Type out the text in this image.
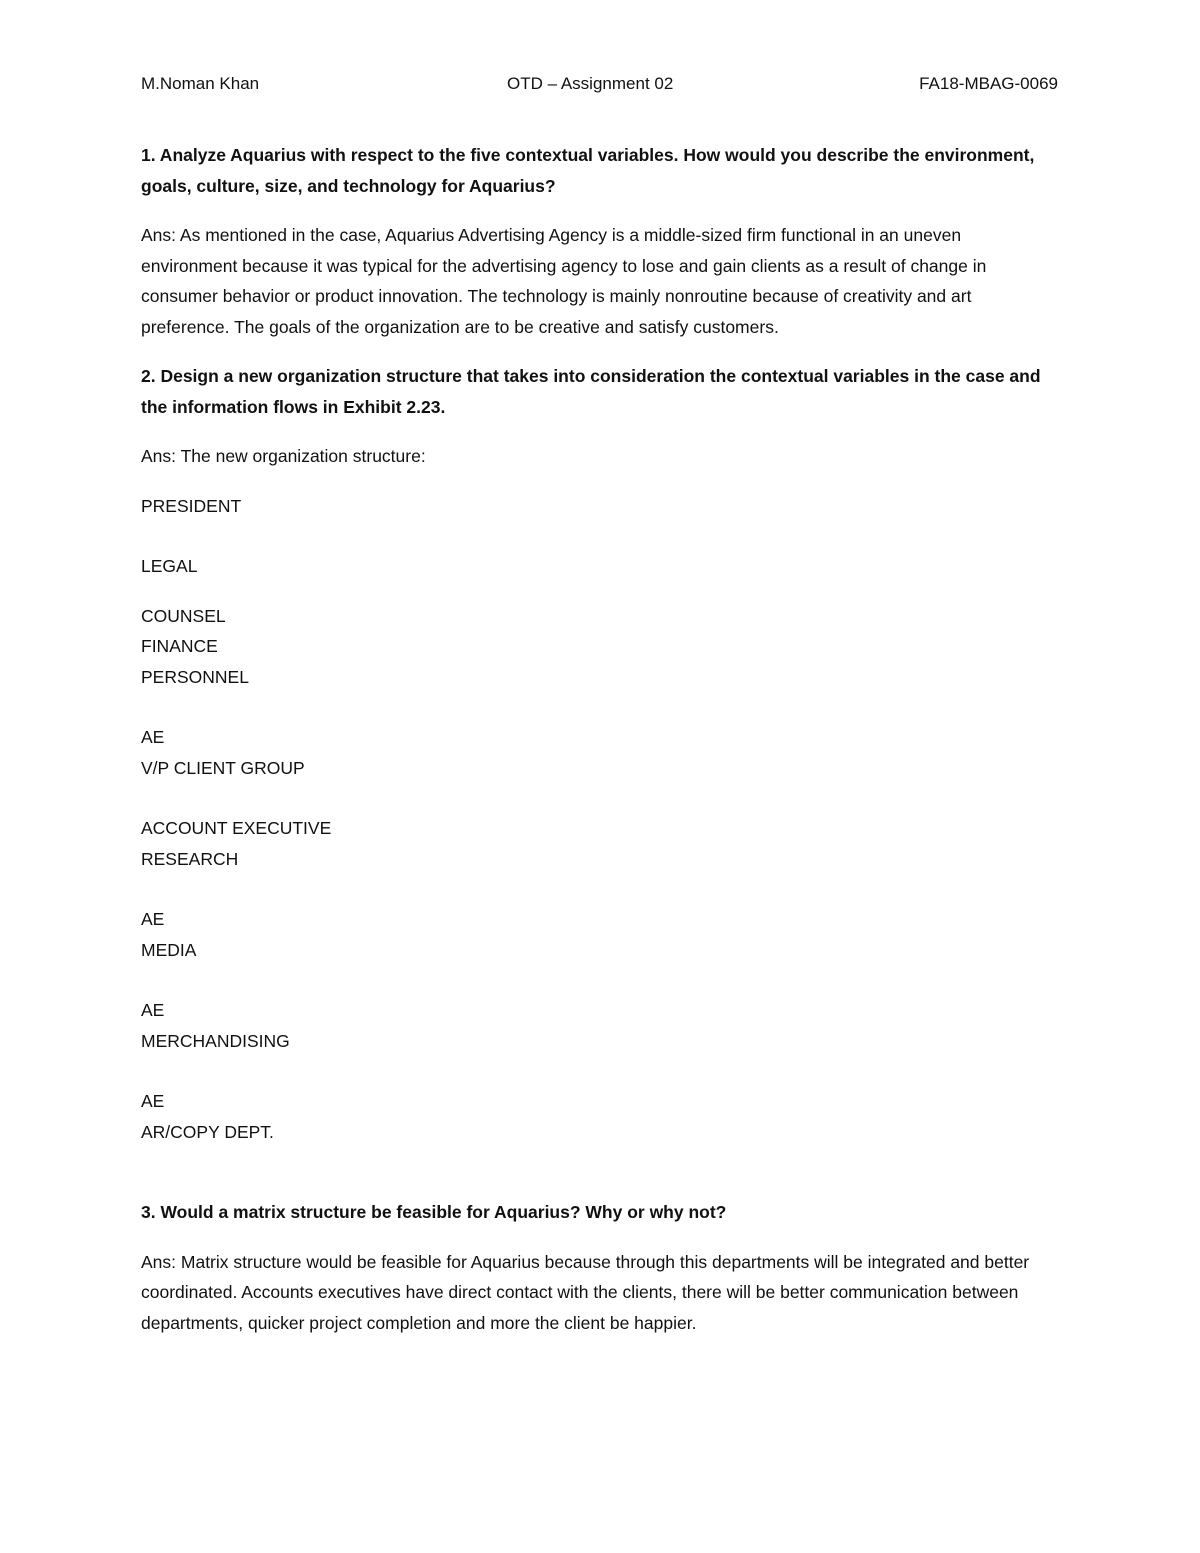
M.Noman Khan	OTD – Assignment 02	FA18-MBAG-0069

1. Analyze Aquarius with respect to the five contextual variables. How would you describe the environment, goals, culture, size, and technology for Aquarius?

Ans: As mentioned in the case, Aquarius Advertising Agency is a middle-sized firm functional in an uneven environment because it was typical for the advertising agency to lose and gain clients as a result of change in consumer behavior or product innovation. The technology is mainly nonroutine because of creativity and art preference. The goals of the organization are to be creative and satisfy customers.

2. Design a new organization structure that takes into consideration the contextual variables in the case and the information flows in Exhibit 2.23.

Ans: The new organization structure:

PRESIDENT

LEGAL

COUNSEL
FINANCE
PERSONNEL
AE
V/P CLIENT GROUP
ACCOUNT EXECUTIVE
RESEARCH
AE
MEDIA
AE
MERCHANDISING
AE
AR/COPY DEPT.

3. Would a matrix structure be feasible for Aquarius? Why or why not?

Ans: Matrix structure would be feasible for Aquarius because through this departments will be integrated and better coordinated. Accounts executives have direct contact with the clients, there will be better communication between departments, quicker project completion and more the client be happier.
